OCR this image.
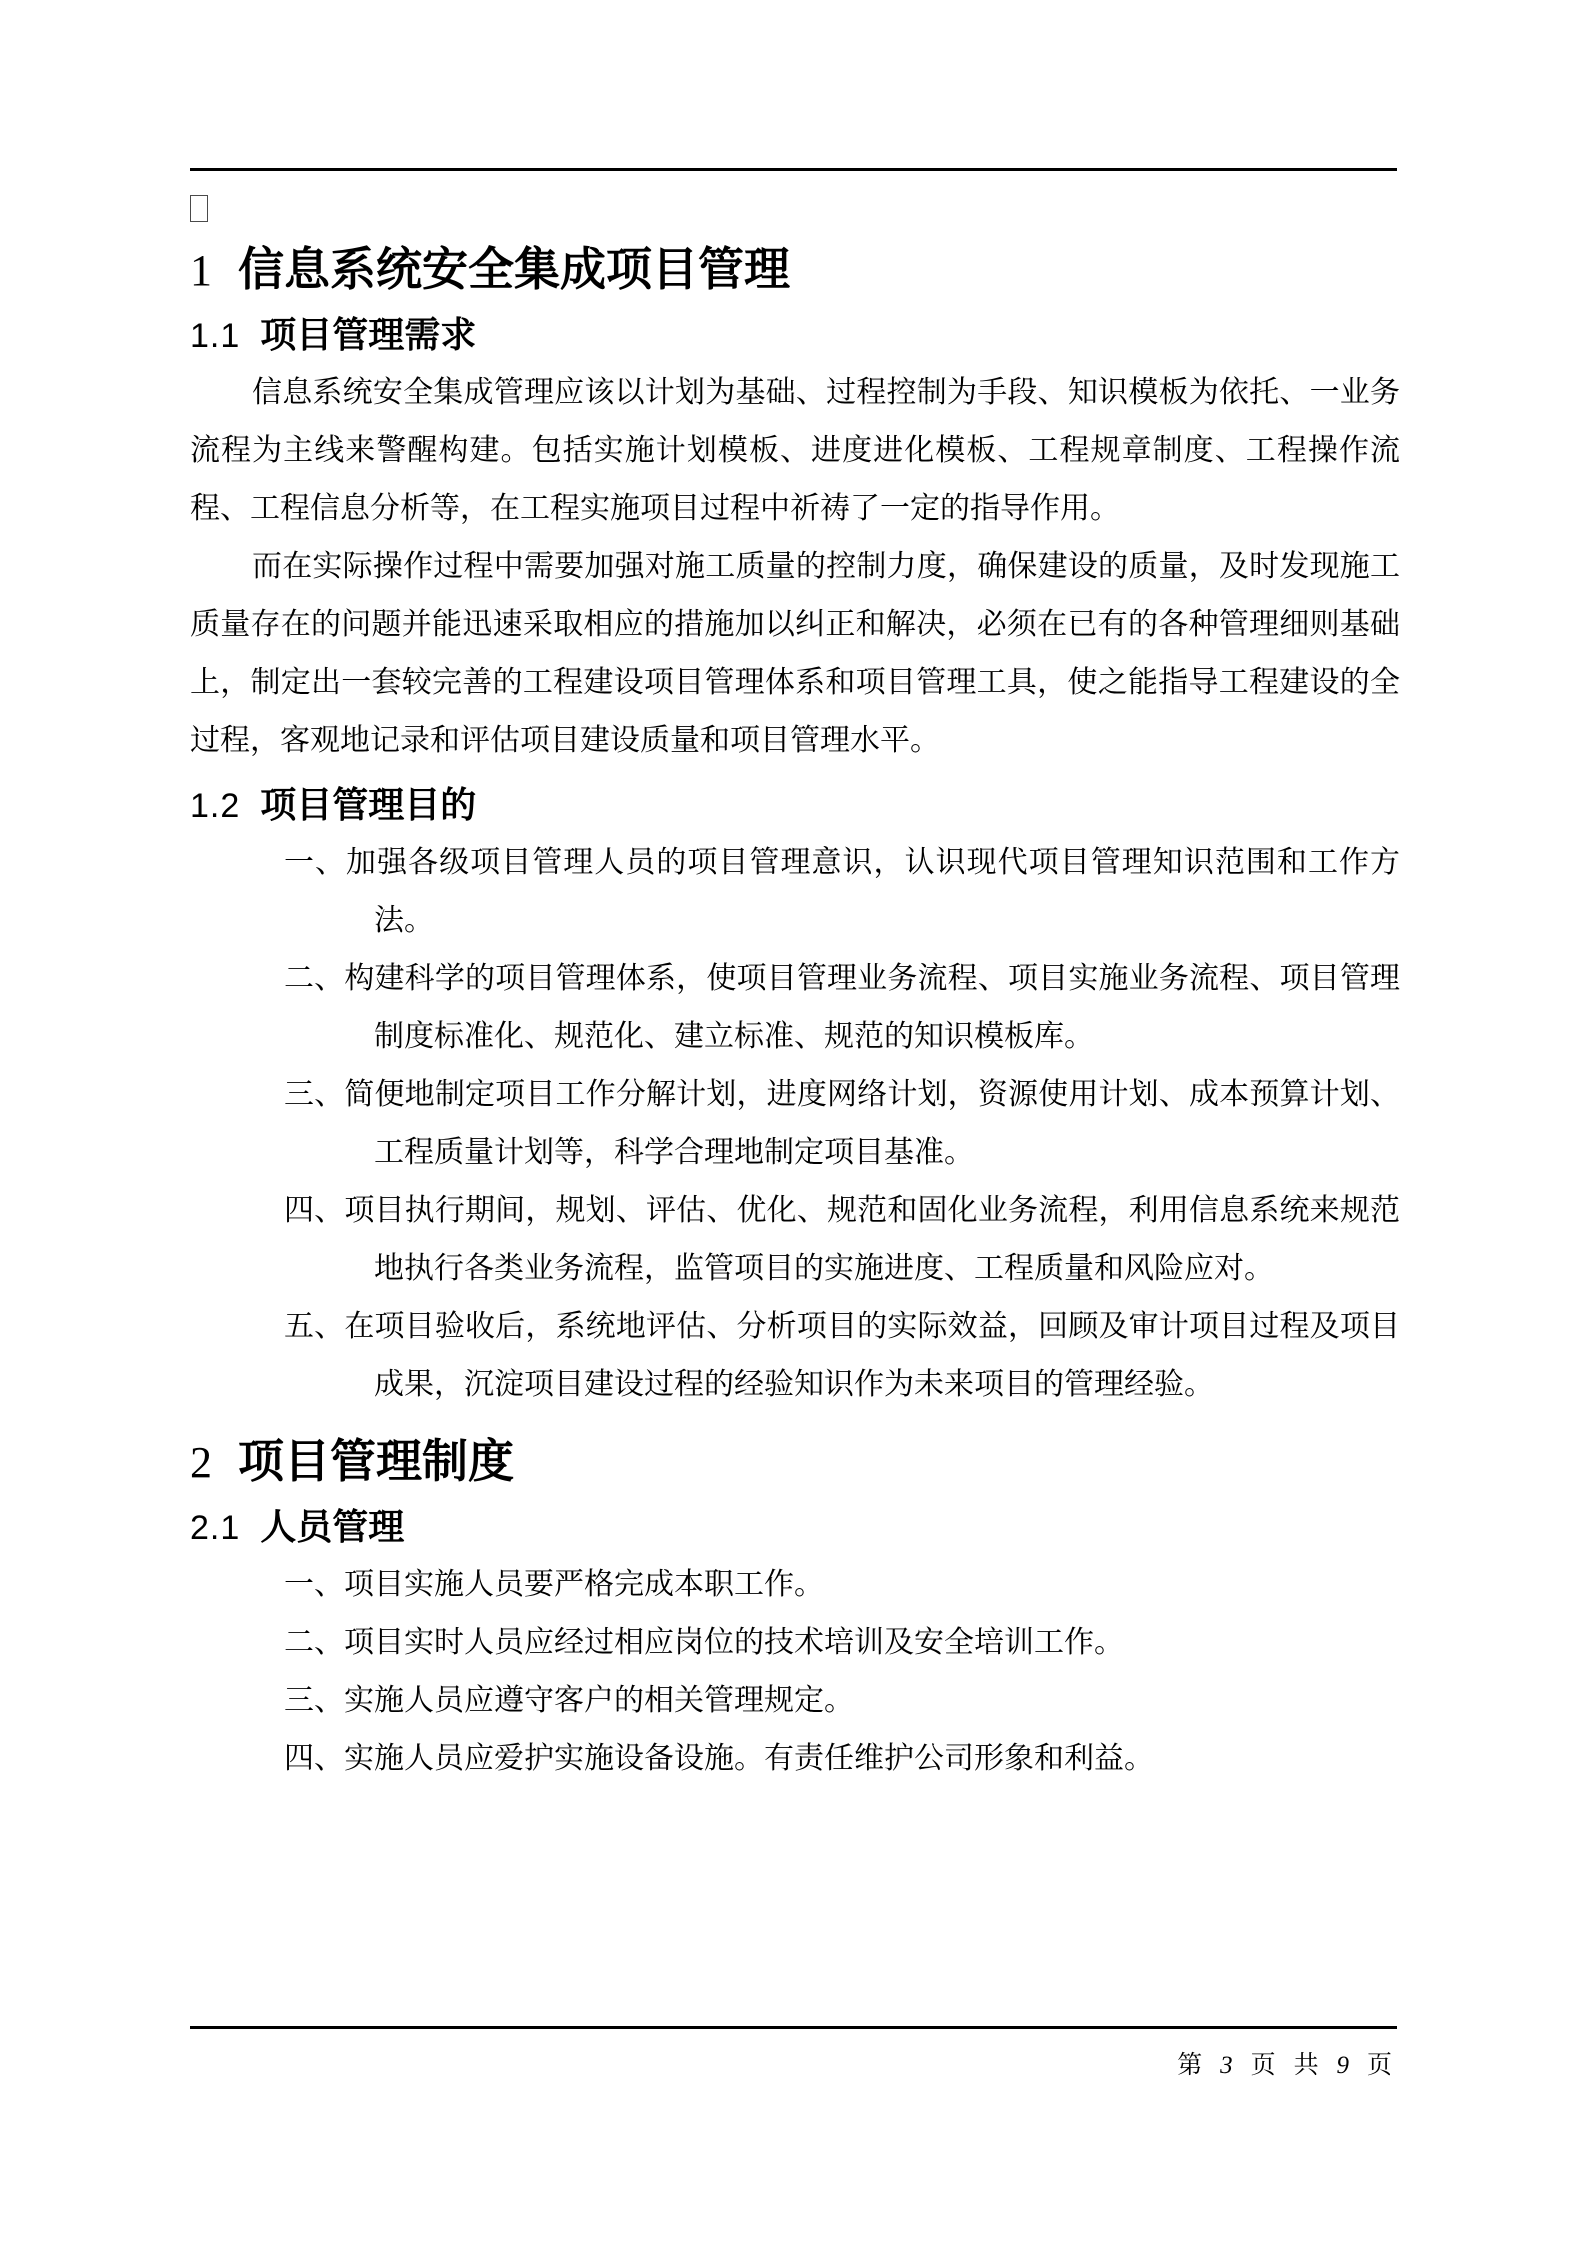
1 信息系统安全集成项目管理
1.1 项目管理需求

信息系统安全集成管理应该以计划为基础、过程控制为手段、知识模板为依托、一业务流程为主线来警醒构建。包括实施计划模板、进度进化模板、工程规章制度、工程操作流程、工程信息分析等，在工程实施项目过程中祈祷了一定的指导作用。

而在实际操作过程中需要加强对施工质量的控制力度，确保建设的质量，及时发现施工质量存在的问题并能迅速采取相应的措施加以纠正和解决，必须在已有的各种管理细则基础上，制定出一套较完善的工程建设项目管理体系和项目管理工具，使之能指导工程建设的全过程，客观地记录和评估项目建设质量和项目管理水平。

1.2 项目管理目的
一、加强各级项目管理人员的项目管理意识，认识现代项目管理知识范围和工作方法。
二、构建科学的项目管理体系，使项目管理业务流程、项目实施业务流程、项目管理制度标准化、规范化、建立标准、规范的知识模板库。
三、简便地制定项目工作分解计划，进度网络计划，资源使用计划、成本预算计划、工程质量计划等，科学合理地制定项目基准。
四、项目执行期间，规划、评估、优化、规范和固化业务流程，利用信息系统来规范地执行各类业务流程，监管项目的实施进度、工程质量和风险应对。
五、在项目验收后，系统地评估、分析项目的实际效益，回顾及审计项目过程及项目成果，沉淀项目建设过程的经验知识作为未来项目的管理经验。
2 项目管理制度
2.1 人员管理
一、项目实施人员要严格完成本职工作。
二、项目实时人员应经过相应岗位的技术培训及安全培训工作。
三、实施人员应遵守客户的相关管理规定。
四、实施人员应爱护实施设备设施。有责任维护公司形象和利益。
第 3 页 共 9 页
